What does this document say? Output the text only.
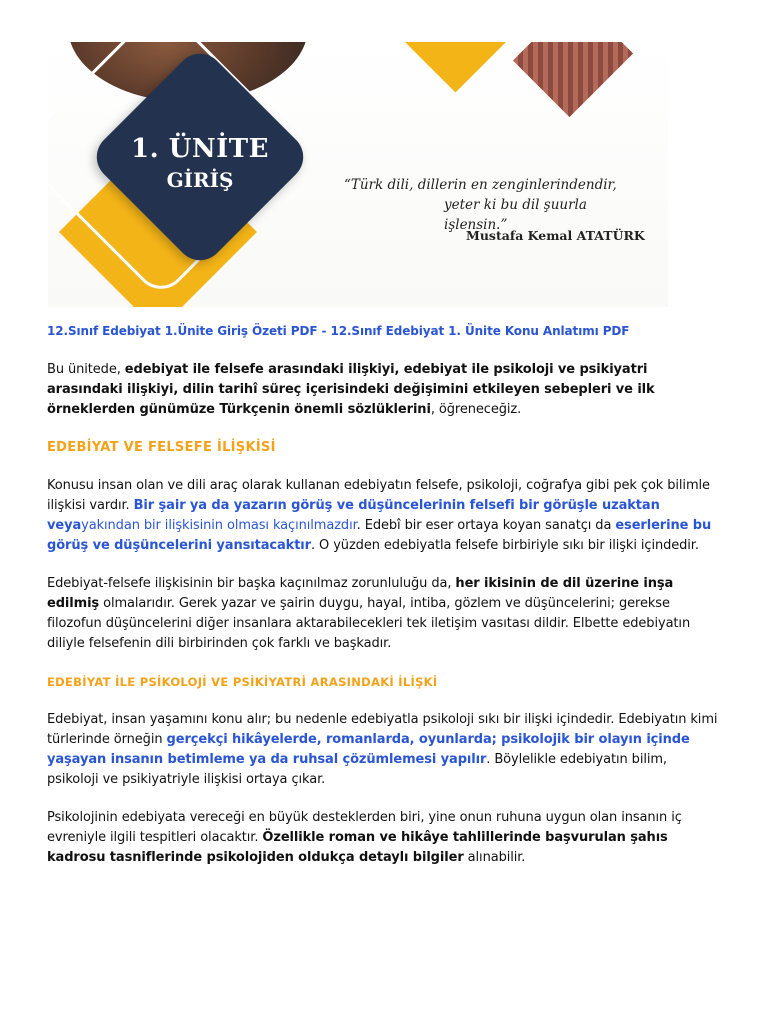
1. ÜNİTE
GİRİŞ	“Türk dili, dillerin en zenginlerindendir,
yeter ki bu dil şuurla işlensin.”
Mustafa Kemal ATATÜRK
12.Sınıf Edebiyat 1.Ünite Giriş Özeti PDF - 12.Sınıf Edebiyat 1. Ünite Konu Anlatımı PDF

Bu ünitede, edebiyat ile felsefe arasındaki ilişkiyi, edebiyat ile psikoloji ve psikiyatri arasındaki ilişkiyi, dilin tarihî süreç içerisindeki değişimini etkileyen sebepleri ve ilk örneklerden günümüze Türkçenin önemli sözlüklerini, öğreneceğiz.

EDEBİYAT VE FELSEFE İLİŞKİSİ

Konusu insan olan ve dili araç olarak kullanan edebiyatın felsefe, psikoloji, coğrafya gibi pek çok bilimle ilişkisi vardır. Bir şair ya da yazarın görüş ve düşüncelerinin felsefi bir görüşle uzaktan veyayakından bir ilişkisinin olması kaçınılmazdır. Edebî bir eser ortaya koyan sanatçı da eserlerine bu görüş ve düşüncelerini yansıtacaktır. O yüzden edebiyatla felsefe birbiriyle sıkı bir ilişki içindedir.

Edebiyat-felsefe ilişkisinin bir başka kaçınılmaz zorunluluğu da, her ikisinin de dil üzerine inşa edilmiş olmalarıdır. Gerek yazar ve şairin duygu, hayal, intiba, gözlem ve düşüncelerini; gerekse filozofun düşüncelerini diğer insanlara aktarabilecekleri tek iletişim vasıtası dildir. Elbette edebiyatın diliyle felsefenin dili birbirinden çok farklı ve başkadır.

EDEBİYAT İLE PSİKOLOJİ VE PSİKİYATRİ ARASINDAKİ İLİŞKİ

Edebiyat, insan yaşamını konu alır; bu nedenle edebiyatla psikoloji sıkı bir ilişki içindedir. Edebiyatın kimi türlerinde örneğin gerçekçi hikâyelerde, romanlarda, oyunlarda; psikolojik bir olayın içinde yaşayan insanın betimleme ya da ruhsal çözümlemesi yapılır. Böylelikle edebiyatın bilim, psikoloji ve psikiyatriyle ilişkisi ortaya çıkar.

Psikolojinin edebiyata vereceği en büyük desteklerden biri, yine onun ruhuna uygun olan insanın iç evreniyle ilgili tespitleri olacaktır. Özellikle roman ve hikâye tahlillerinde başvurulan şahıs kadrosu tasniflerinde psikolojiden oldukça detaylı bilgiler alınabilir.
